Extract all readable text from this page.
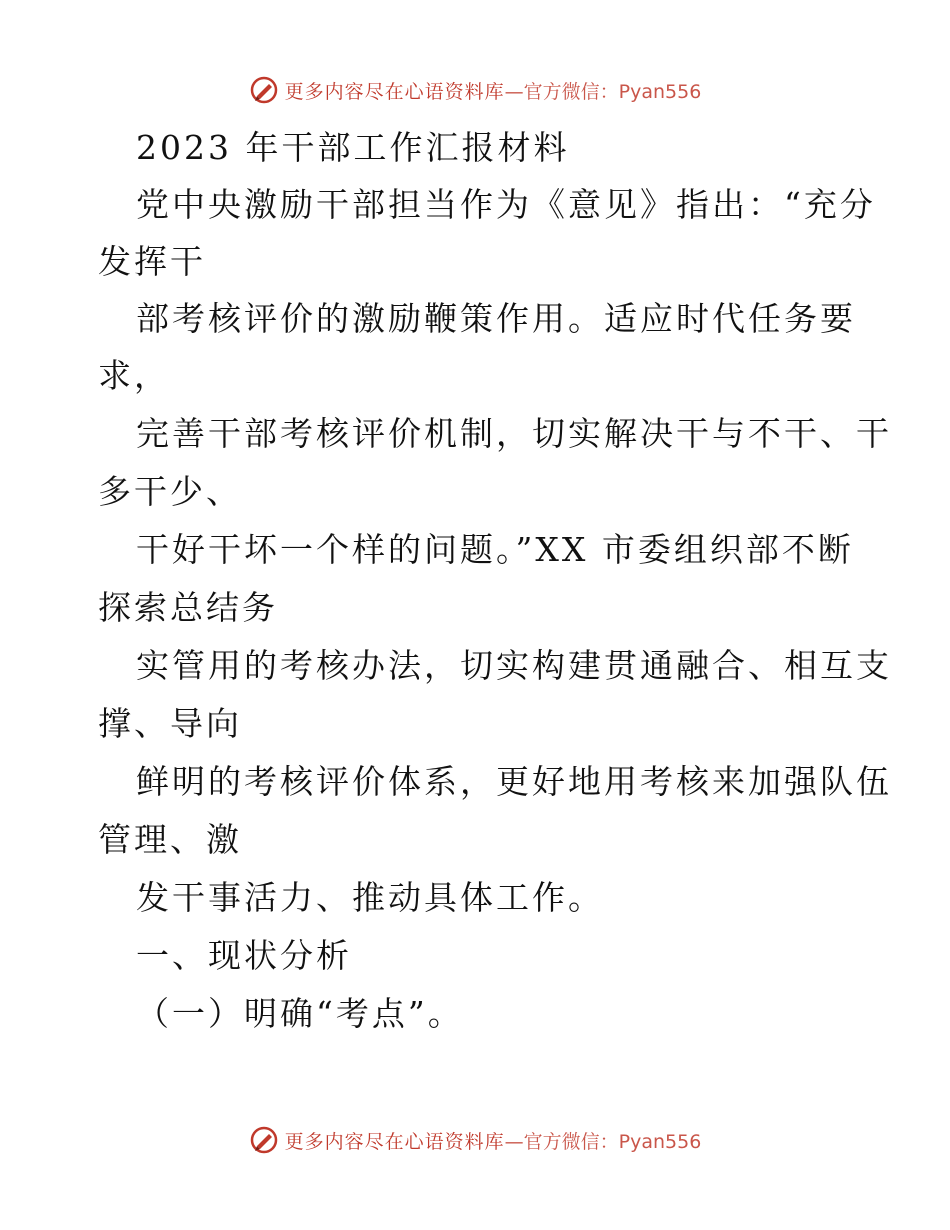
更多内容尽在心语资料库 —官方微信：Pyan556
2023 年干部工作汇报材料
党中央激励干部担当作为《意见》指出：“充分
发挥干
部考核评价的激励鞭策作用。适应时代任务要
求，
完善干部考核评价机制，切实解决干与不干、干
多干少、
干好干坏一个样的问题。”XX 市委组织部不断
探索总结务
实管用的考核办法，切实构建贯通融合、相互支
撑、导向
鲜明的考核评价体系，更好地用考核来加强队伍
管理、激
发干事活力、推动具体工作。
一、现状分析
（一）明确“考点”。
更多内容尽在心语资料库 —官方微信：Pyan556
